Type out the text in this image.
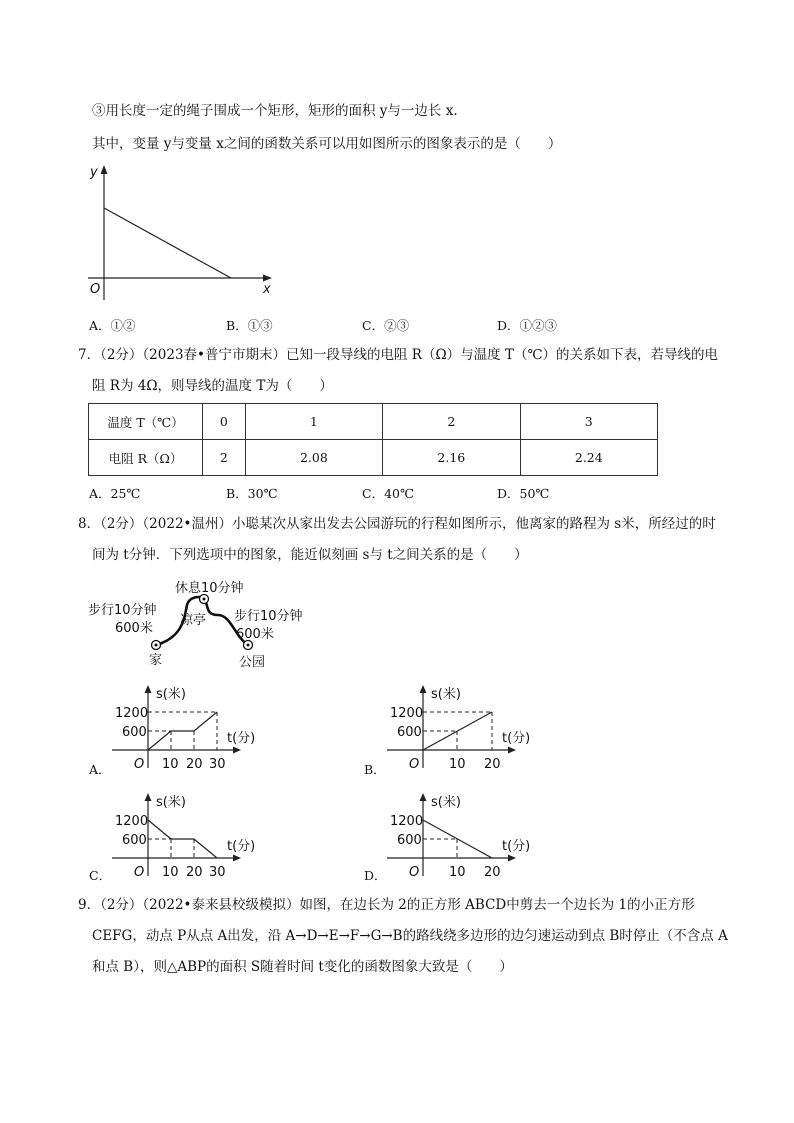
③用长度一定的绳子围成一个矩形，矩形的面积 y与一边长 x.
其中，变量 y与变量 x之间的函数关系可以用如图所示的图象表示的是（　　）
y
x
O
A．①②	B．①③	C．②③	D．①②③
7．（2分）（2023春•普宁市期末）已知一段导线的电阻 R（Ω）与温度 T（℃）的关系如下表，若导线的电
阻 R为 4Ω，则导线的温度 T为（　　）
温度 T（℃）	0	1	2	3
电阻 R（Ω）	2	2.08	2.16	2.24
A．25℃	B．30℃	C．40℃	D．50℃
8．（2分）（2022•温州）小聪某次从家出发去公园游玩的行程如图所示，他离家的路程为 s米，所经过的时
间为 t分钟．下列选项中的图象，能近似刻画 s与 t之间关系的是（　　）
休息10分钟
步行10分钟
600米
凉亭 步行10分钟
600米
家	公园
s(米)
t(分)
1200
600
O 10 20 30
A．
s(米)
t(分)
1200
600
O 10 20
B．
s(米)
t(分)
1200
600
O 10 20 30
C．
s(米)
t(分)
1200
600
O 10 20
D．
9．（2分）（2022•泰来县校级模拟）如图，在边长为 2的正方形 ABCD中剪去一个边长为 1的小正方形
CEFG，动点 P从点 A出发，沿 A→D→E→F→G→B的路线绕多边形的边匀速运动到点 B时停止（不含点 A
和点 B），则△ABP的面积 S随着时间 t变化的函数图象大致是（　　）
